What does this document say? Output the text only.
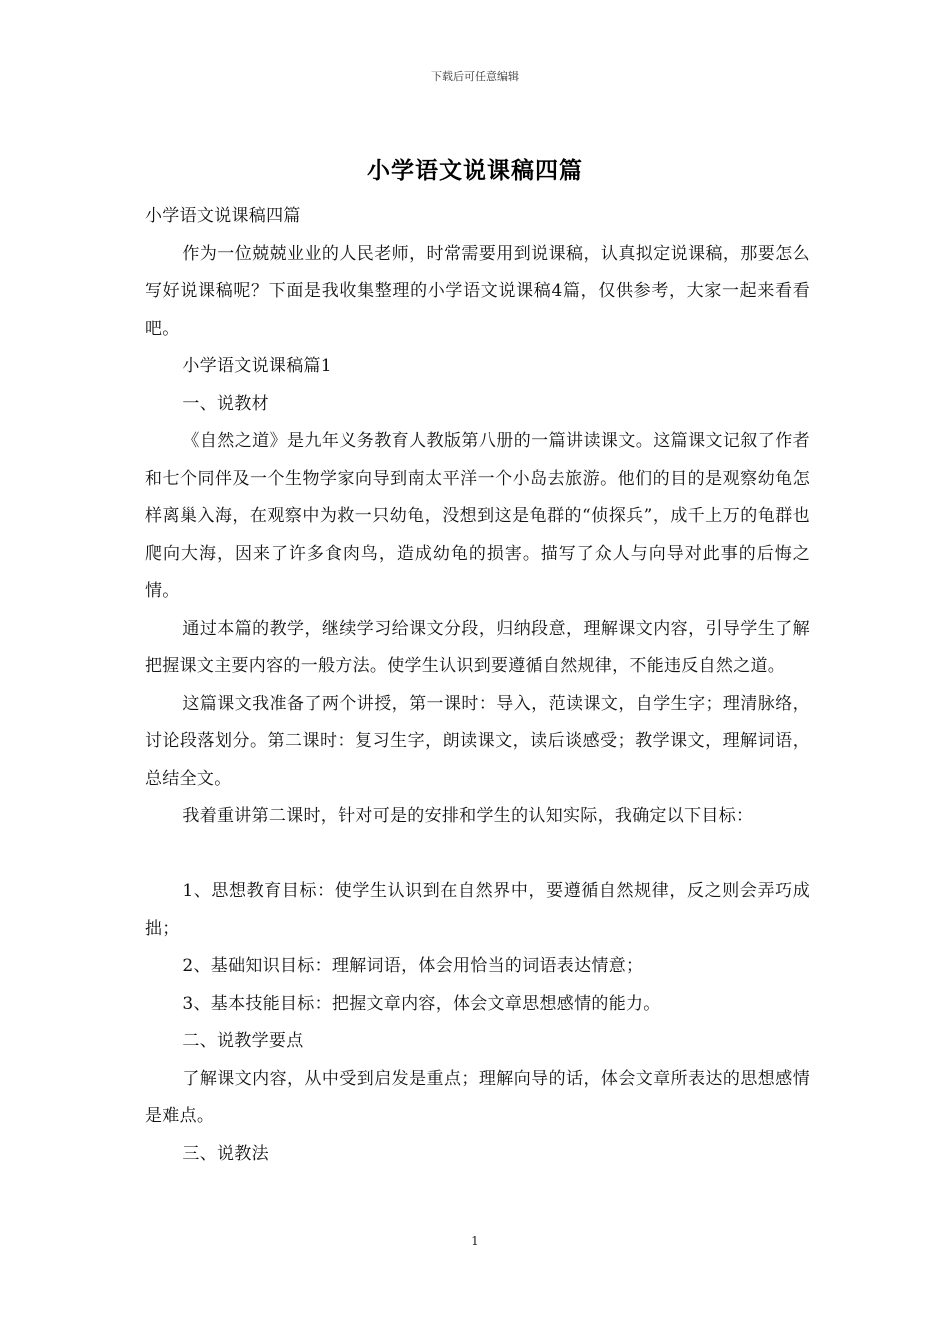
下载后可任意编辑
小学语文说课稿四篇

小学语文说课稿四篇

作为一位兢兢业业的人民老师，时常需要用到说课稿，认真拟定说课稿，那要怎么写好说课稿呢？下面是我收集整理的小学语文说课稿4篇，仅供参考，大家一起来看看吧。

小学语文说课稿篇1

一、说教材

《自然之道》是九年义务教育人教版第八册的一篇讲读课文。这篇课文记叙了作者和七个同伴及一个生物学家向导到南太平洋一个小岛去旅游。他们的目的是观察幼龟怎样离巢入海，在观察中为救一只幼龟，没想到这是龟群的“侦探兵”，成千上万的龟群也爬向大海，因来了许多食肉鸟，造成幼龟的损害。描写了众人与向导对此事的后悔之情。

通过本篇的教学，继续学习给课文分段，归纳段意，理解课文内容，引导学生了解把握课文主要内容的一般方法。使学生认识到要遵循自然规律，不能违反自然之道。

这篇课文我准备了两个讲授，第一课时：导入，范读课文，自学生字；理清脉络，讨论段落划分。第二课时：复习生字，朗读课文，读后谈感受；教学课文，理解词语，总结全文。

我着重讲第二课时，针对可是的安排和学生的认知实际，我确定以下目标：

1、思想教育目标：使学生认识到在自然界中，要遵循自然规律，反之则会弄巧成拙；

2、基础知识目标：理解词语，体会用恰当的词语表达情意；

3、基本技能目标：把握文章内容，体会文章思想感情的能力。

二、说教学要点

了解课文内容，从中受到启发是重点；理解向导的话，体会文章所表达的思想感情是难点。

三、说教法

1
